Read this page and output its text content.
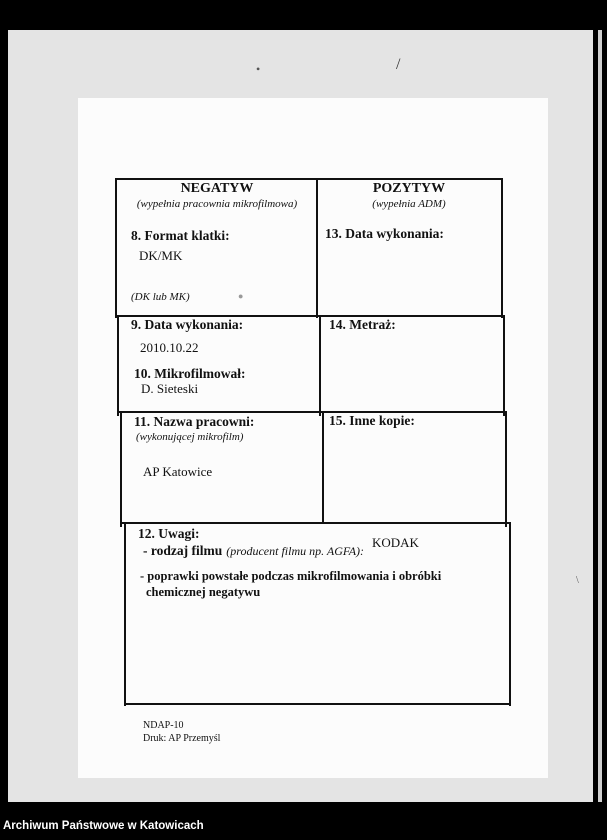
•	/
\
●
NEGATYW
(wypełnia pracownia mikrofilmowa)
POZYTYW
(wypełnia ADM)
8. Format klatki:
DK/MK
(DK lub MK)
13. Data wykonania:
9. Data wykonania:
2010.10.22
10. Mikrofilmował:
D. Sieteski
14. Metraż:
11. Nazwa pracowni:
(wykonującej mikrofilm)
AP Katowice
15. Inne kopie:
12. Uwagi:
- rodzaj filmu (producent filmu np. AGFA):
KODAK
- poprawki powstałe podczas mikrofilmowania i obróbki
chemicznej negatywu
NDAP-10
Druk: AP Przemyśl
Archiwum Państwowe w Katowicach
